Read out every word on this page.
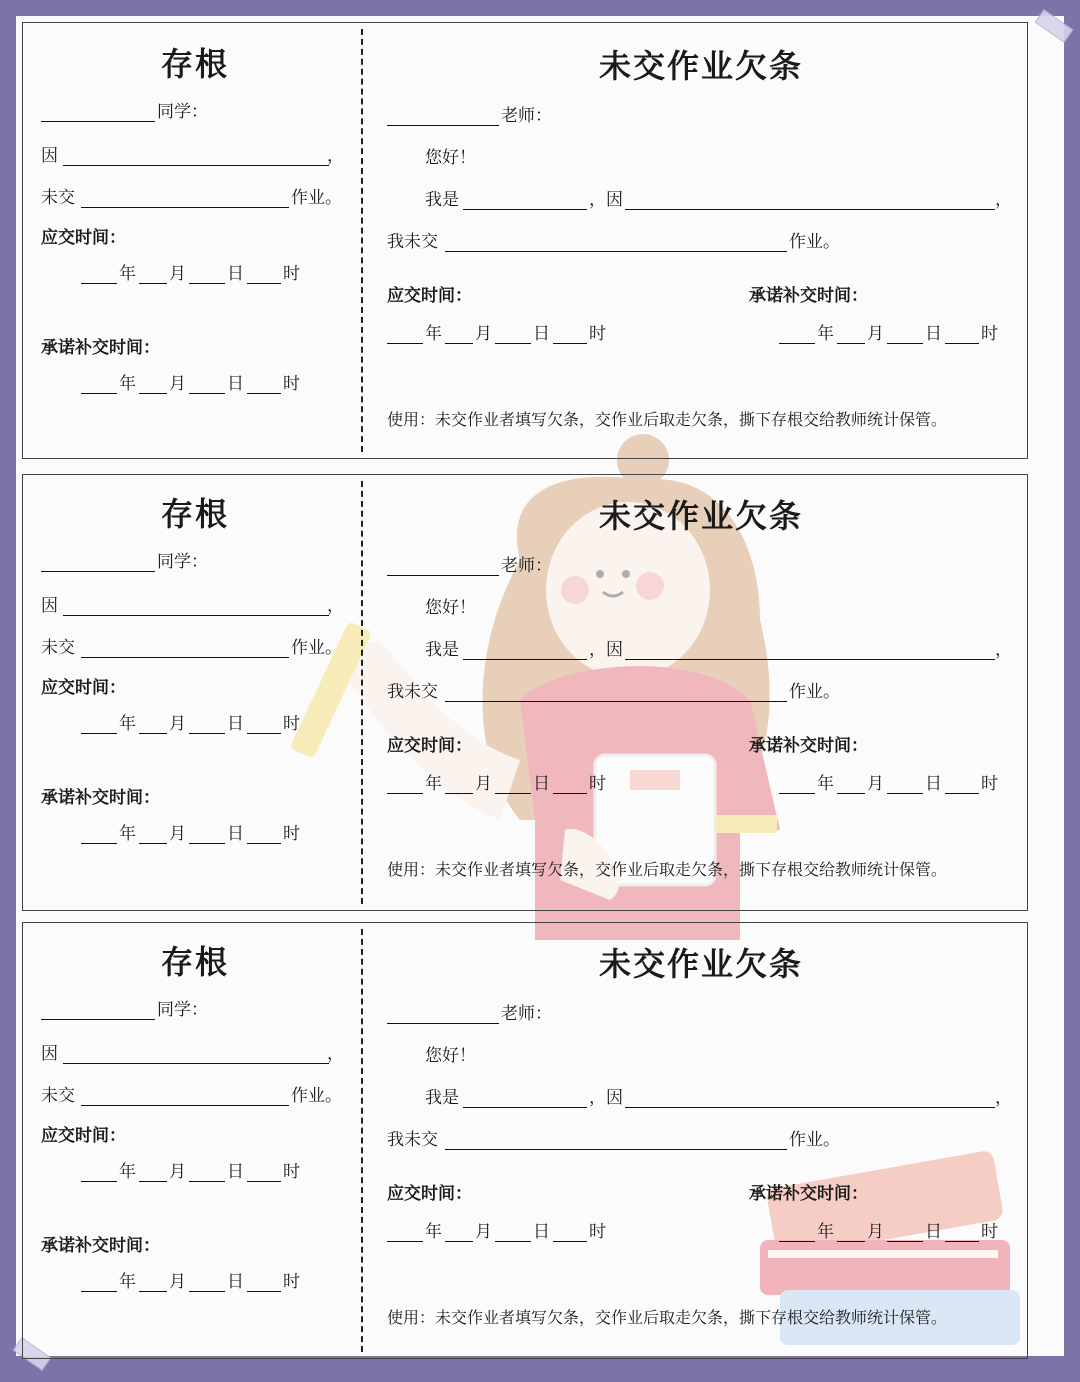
存根
同学：
因	，
未交	作业。
应交时间：
年 月 日 时
承诺补交时间：
年 月 日 时
未交作业欠条
老师：
您好！
我是	，因	，
我未交	作业。
应交时间：	承诺补交时间：
年 月 日 时	年 月 日 时
使用：未交作业者填写欠条，交作业后取走欠条，撕下存根交给教师统计保管。
存根
同学：
因	，
未交	作业。
应交时间：
年 月 日 时
承诺补交时间：
年 月 日 时
未交作业欠条
老师：
您好！
我是	，因	，
我未交	作业。
应交时间：	承诺补交时间：
年 月 日 时	年 月 日 时
使用：未交作业者填写欠条，交作业后取走欠条，撕下存根交给教师统计保管。
存根
同学：
因	，
未交	作业。
应交时间：
年 月 日 时
承诺补交时间：
年 月 日 时
未交作业欠条
老师：
您好！
我是	，因	，
我未交	作业。
应交时间：	承诺补交时间：
年 月 日 时	年 月 日 时
使用：未交作业者填写欠条，交作业后取走欠条，撕下存根交给教师统计保管。
